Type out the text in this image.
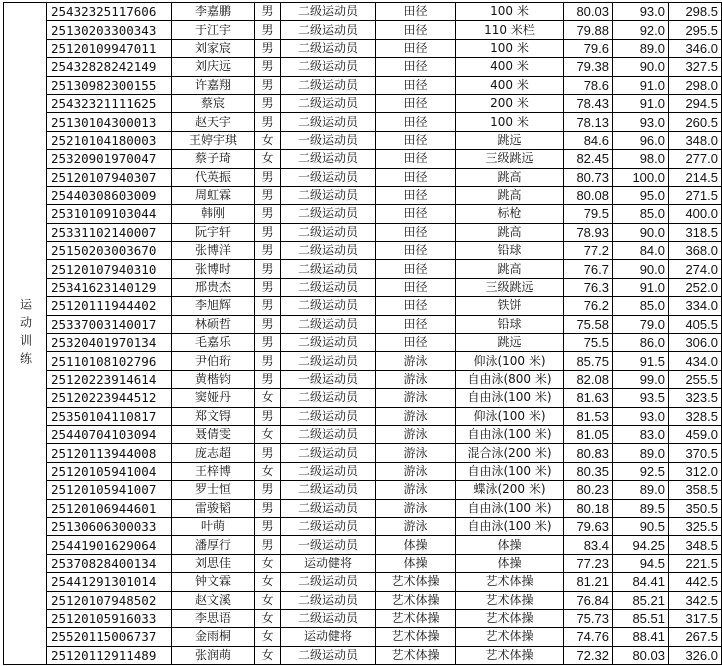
运动训练	25432325117606	李嘉鹏	男	二级运动员	田径	100 米	80.03	93.0	298.5
	25130203300343	于江宇	男	二级运动员	田径	110 米栏	79.88	92.0	295.5
	25120109947011	刘家宸	男	二级运动员	田径	100 米	79.6	89.0	346.0
	25432828242149	刘庆远	男	二级运动员	田径	400 米	79.38	90.0	327.5
	25130982300155	许嘉翔	男	二级运动员	田径	400 米	78.6	91.0	298.0
	25432321111625	蔡宸	男	二级运动员	田径	200 米	78.43	91.0	294.5
	25130104300013	赵天宇	男	二级运动员	田径	100 米	78.13	93.0	260.5
	25210104180003	王婷宇琪	女	一级运动员	田径	跳远	84.6	96.0	348.0
	25320901970047	蔡子琦	女	二级运动员	田径	三级跳远	82.45	98.0	277.0
	25120107940307	代英振	男	一级运动员	田径	跳高	80.73	100.0	214.5
	25440308603009	周虹霖	男	二级运动员	田径	跳高	80.08	95.0	271.5
	25310109103044	韩刚	男	二级运动员	田径	标枪	79.5	85.0	400.0
	25331102140007	阮宇轩	男	二级运动员	田径	跳高	78.93	90.0	318.5
	25150203003670	张博洋	男	二级运动员	田径	铅球	77.2	84.0	368.0
	25120107940310	张博时	男	二级运动员	田径	跳高	76.7	90.0	274.0
	25341623140129	邢贵杰	男	二级运动员	田径	三级跳远	76.3	91.0	252.0
	25120111944402	李旭辉	男	二级运动员	田径	铁饼	76.2	85.0	334.0
	25337003140017	林硕哲	男	二级运动员	田径	铅球	75.58	79.0	405.5
	25320401970134	毛嘉乐	男	二级运动员	田径	跳远	75.5	86.0	306.0
	25110108102796	尹伯珩	男	二级运动员	游泳	仰泳(100 米)	85.75	91.5	434.0
	25120223914614	黄楷钧	男	一级运动员	游泳	自由泳(800 米)	82.08	99.0	255.5
	25120223944512	窦娅丹	女	二级运动员	游泳	自由泳(100 米)	81.63	93.5	323.5
	25350104110817	郑文锝	男	二级运动员	游泳	仰泳(100 米)	81.53	93.0	328.5
	25440704103094	聂倩雯	女	二级运动员	游泳	自由泳(100 米)	81.05	83.0	459.0
	25120113944008	庞志超	男	二级运动员	游泳	混合泳(200 米)	80.83	89.0	370.5
	25120105941004	王梓博	女	二级运动员	游泳	自由泳(100 米)	80.35	92.5	312.0
	25120105941007	罗士恒	男	二级运动员	游泳	蝶泳(200 米)	80.23	89.0	358.5
	25120106944601	雷骏韬	男	二级运动员	游泳	自由泳(100 米)	80.18	89.5	350.5
	25130606300033	叶萌	男	二级运动员	游泳	自由泳(100 米)	79.63	90.5	325.5
	25441901629064	潘厚行	男	一级运动员	体操	体操	83.4	94.25	348.5
	25370828400134	刘思佳	女	运动健将	体操	体操	77.23	94.5	221.5
	25441291301014	钟文霖	女	二级运动员	艺术体操	艺术体操	81.21	84.41	442.5
	25120107948502	赵文溪	女	二级运动员	艺术体操	艺术体操	76.84	85.21	342.5
	25120105916033	李思语	女	二级运动员	艺术体操	艺术体操	75.73	85.51	317.5
	25520115006737	金雨桐	女	运动健将	艺术体操	艺术体操	74.76	88.41	267.5
	25120112911489	张润萌	女	二级运动员	艺术体操	艺术体操	72.32	80.03	326.0
